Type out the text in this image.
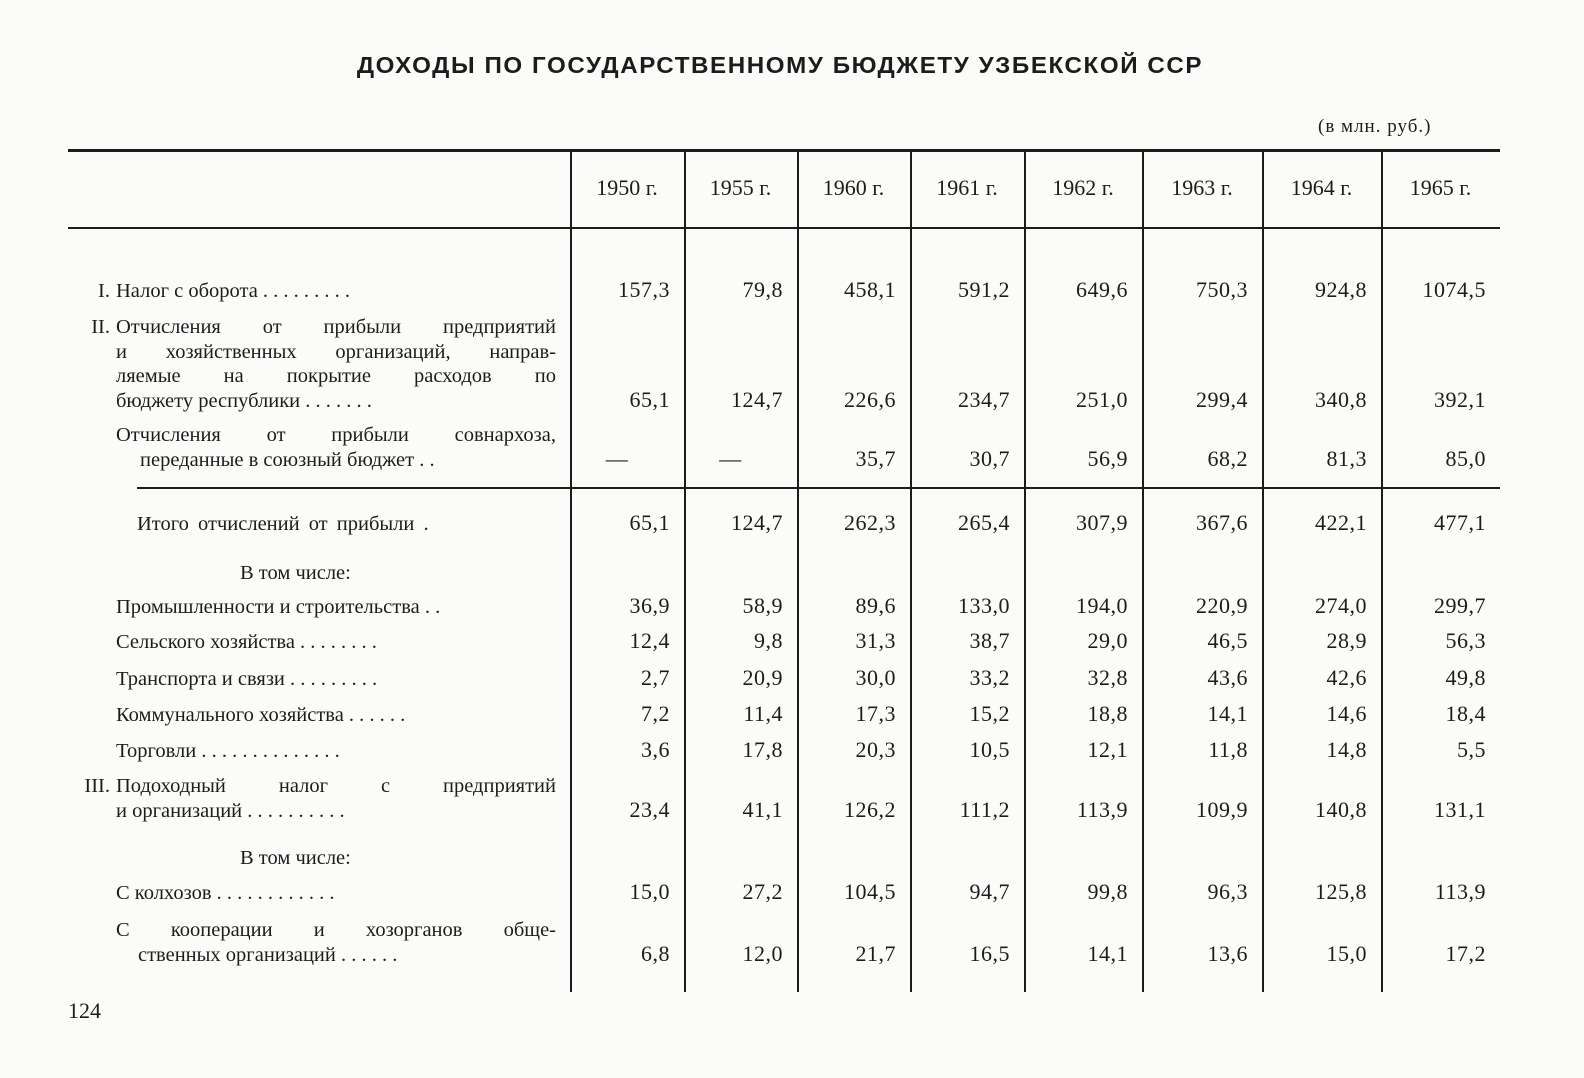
ДОХОДЫ ПО ГОСУДАРСТВЕННОМУ БЮДЖЕТУ УЗБЕКСКОЙ ССР
(в млн. руб.)
1950 г.	1955 г.	1960 г.	1961 г.	1962 г.	1963 г.	1964 г.	1965 г.
I. Налог с оборота . . . . . . . . .	157,3	79,8	458,1	591,2	649,6	750,3	924,8	1074,5
II. Отчисления от прибыли предприятий
и хозяйственных организаций, направ-
ляемые на покрытие расходов по
бюджету республики . . . . . . .	65,1	124,7	226,6	234,7	251,0	299,4	340,8	392,1
Отчисления от прибыли совнархоза,
переданные в союзный бюджет . .	—	—	35,7	30,7	56,9	68,2	81,3	85,0
Итого отчислений от прибыли .	65,1	124,7	262,3	265,4	307,9	367,6	422,1	477,1
В том числе:
Промышленности и строительства . .	36,9	58,9	89,6	133,0	194,0	220,9	274,0	299,7
Сельского хозяйства . . . . . . . .	12,4	9,8	31,3	38,7	29,0	46,5	28,9	56,3
Транспорта и связи . . . . . . . . .	2,7	20,9	30,0	33,2	32,8	43,6	42,6	49,8
Коммунального хозяйства . . . . . .	7,2	11,4	17,3	15,2	18,8	14,1	14,6	18,4
Торговли . . . . . . . . . . . . . .	3,6	17,8	20,3	10,5	12,1	11,8	14,8	5,5
III. Подоходный налог с предприятий
и организаций . . . . . . . . . .	23,4	41,1	126,2	111,2	113,9	109,9	140,8	131,1
В том числе:
С колхозов . . . . . . . . . . . .	15,0	27,2	104,5	94,7	99,8	96,3	125,8	113,9
С кооперации и хозорганов обще-
ственных организаций . . . . . .	6,8	12,0	21,7	16,5	14,1	13,6	15,0	17,2
124
